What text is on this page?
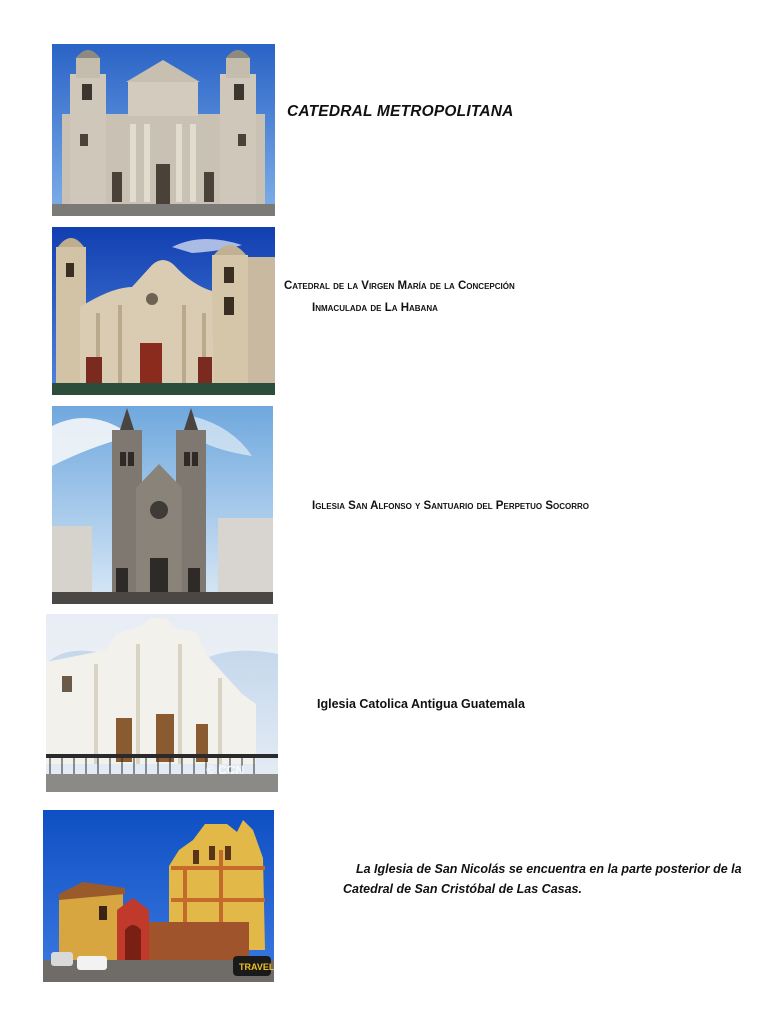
© CCN
TRAVEL
CATEDRAL METROPOLITANA
Catedral de la Virgen María de la Concepción
Inmaculada de La Habana
Iglesia San Alfonso y Santuario del Perpetuo Socorro
Iglesia Catolica Antigua Guatemala
La Iglesia de San Nicolás se encuentra en la parte posterior de la
Catedral de San Cristóbal de Las Casas.
